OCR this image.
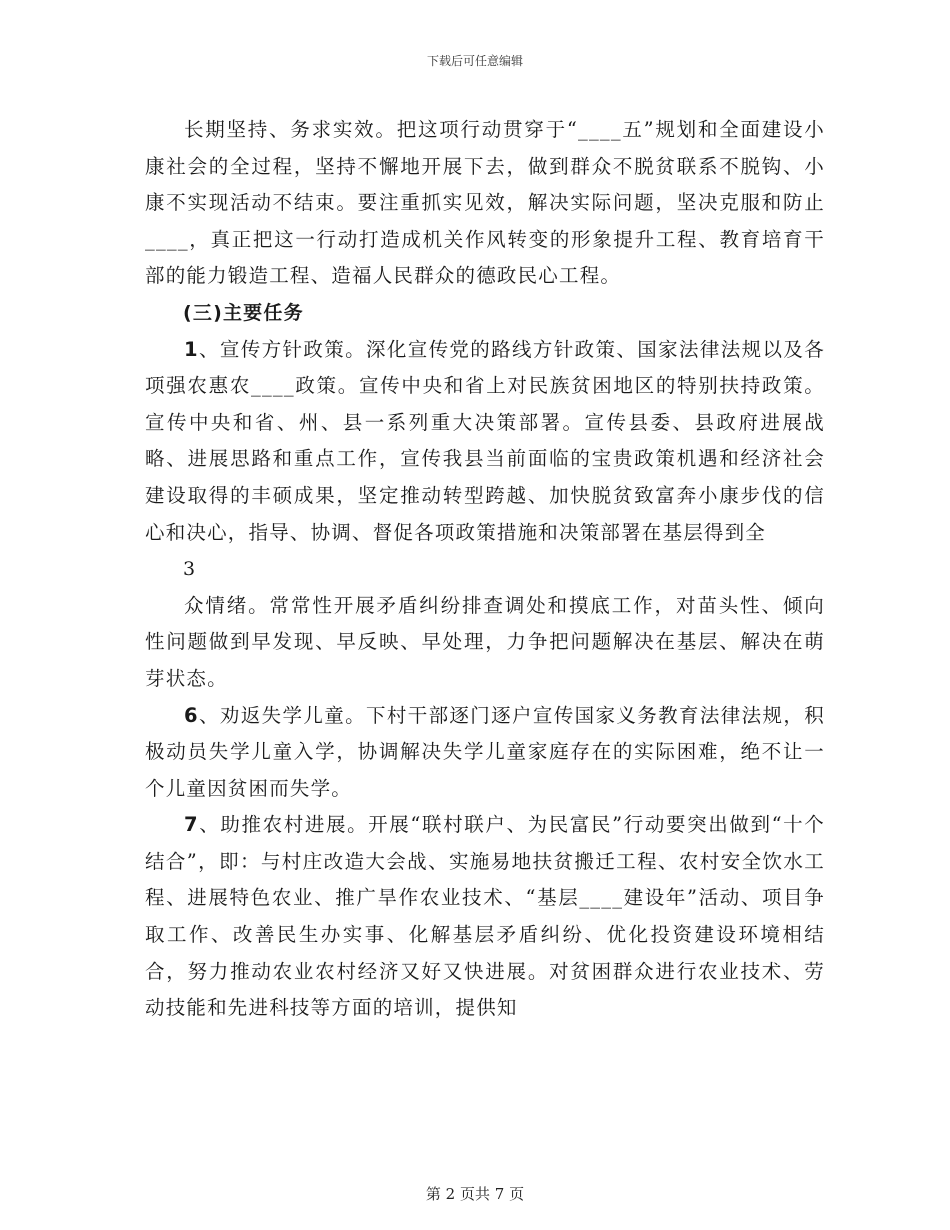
下载后可任意编辑

长期坚持、务求实效。把这项行动贯穿于“____五”规划和全面建设小康社会的全过程，坚持不懈地开展下去，做到群众不脱贫联系不脱钩、小康不实现活动不结束。要注重抓实见效，解决实际问题，坚决克服和防止____，真正把这一行动打造成机关作风转变的形象提升工程、教育培育干部的能力锻造工程、造福人民群众的德政民心工程。

(三)主要任务

1、宣传方针政策。深化宣传党的路线方针政策、国家法律法规以及各项强农惠农____政策。宣传中央和省上对民族贫困地区的特别扶持政策。宣传中央和省、州、县一系列重大决策部署。宣传县委、县政府进展战略、进展思路和重点工作，宣传我县当前面临的宝贵政策机遇和经济社会建设取得的丰硕成果，坚定推动转型跨越、加快脱贫致富奔小康步伐的信心和决心，指导、协调、督促各项政策措施和决策部署在基层得到全

3

众情绪。常常性开展矛盾纠纷排查调处和摸底工作，对苗头性、倾向性问题做到早发现、早反映、早处理，力争把问题解决在基层、解决在萌芽状态。

6、劝返失学儿童。下村干部逐门逐户宣传国家义务教育法律法规，积极动员失学儿童入学，协调解决失学儿童家庭存在的实际困难，绝不让一个儿童因贫困而失学。

7、助推农村进展。开展“联村联户、为民富民”行动要突出做到“十个结合”，即：与村庄改造大会战、实施易地扶贫搬迁工程、农村安全饮水工程、进展特色农业、推广旱作农业技术、“基层____建设年”活动、项目争取工作、改善民生办实事、化解基层矛盾纠纷、优化投资建设环境相结合，努力推动农业农村经济又好又快进展。对贫困群众进行农业技术、劳动技能和先进科技等方面的培训，提供知

第 2 页共 7 页
